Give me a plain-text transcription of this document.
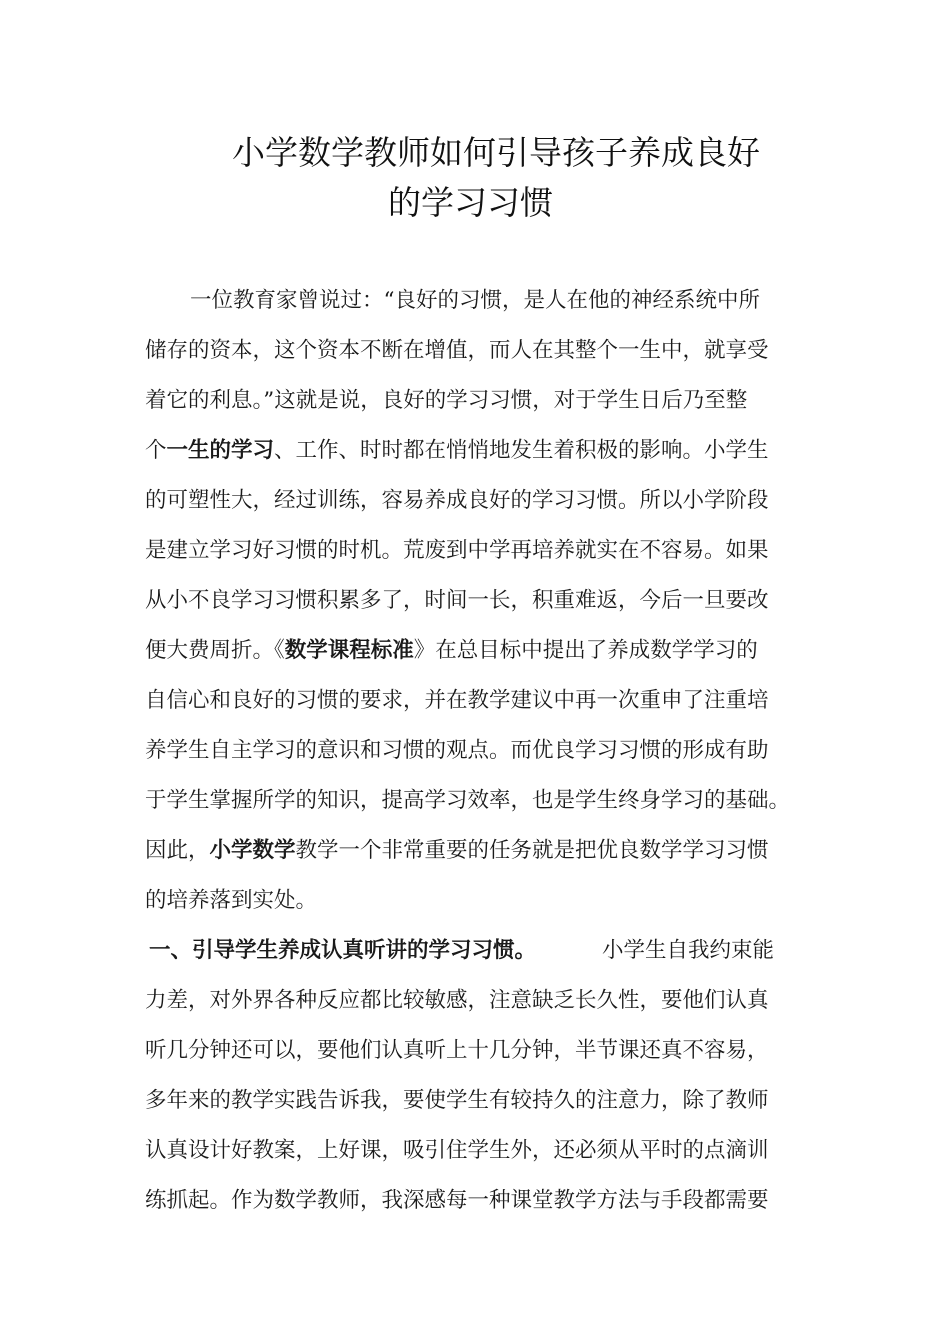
小学数学教师如何引导孩子养成良好
的学习习惯
一位教育家曾说过：“良好的习惯，是人在他的神经系统中所
储存的资本，这个资本不断在增值，而人在其整个一生中，就享受
着它的利息。”这就是说，良好的学习习惯，对于学生日后乃至整
个一生的学习、工作、时时都在悄悄地发生着积极的影响。小学生
的可塑性大，经过训练，容易养成良好的学习习惯。所以小学阶段
是建立学习好习惯的时机。荒废到中学再培养就实在不容易。如果
从小不良学习习惯积累多了，时间一长，积重难返，今后一旦要改
便大费周折。《数学课程标准》在总目标中提出了养成数学学习的
自信心和良好的习惯的要求，并在教学建议中再一次重申了注重培
养学生自主学习的意识和习惯的观点。而优良学习习惯的形成有助
于学生掌握所学的知识，提高学习效率，也是学生终身学习的基础。
因此，小学数学教学一个非常重要的任务就是把优良数学学习习惯
的培养落到实处。
一、引导学生养成认真听讲的学习习惯。	小学生自我约束能
力差，对外界各种反应都比较敏感，注意缺乏长久性，要他们认真
听几分钟还可以，要他们认真听上十几分钟，半节课还真不容易，
多年来的教学实践告诉我，要使学生有较持久的注意力，除了教师
认真设计好教案，上好课，吸引住学生外，还必须从平时的点滴训
练抓起。作为数学教师，我深感每一种课堂教学方法与手段都需要
